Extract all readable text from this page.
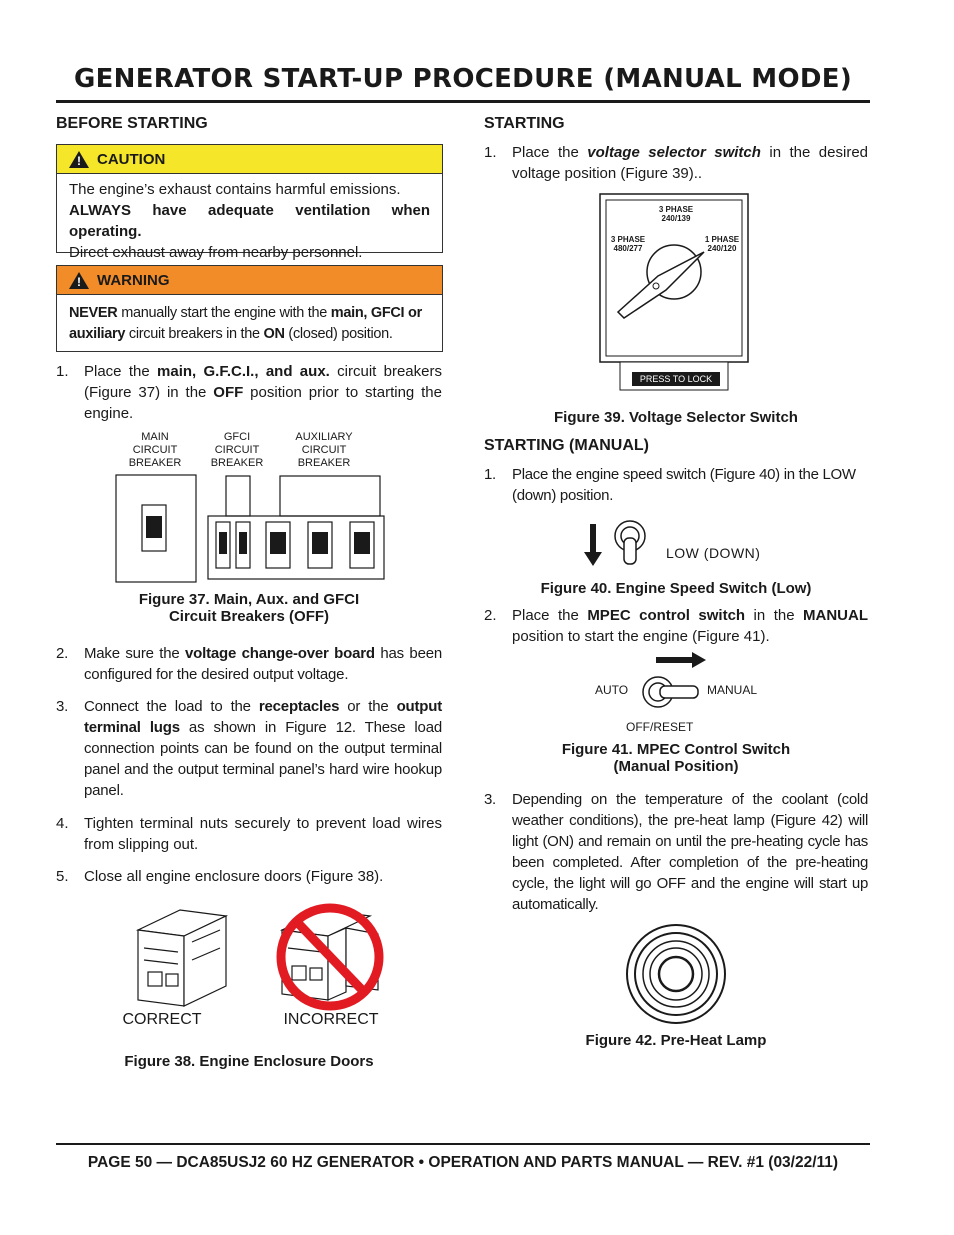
GENERATOR START-UP PROCEDURE (MANUAL MODE)
BEFORE STARTING
! CAUTION
The engine’s exhaust contains harmful emissions.
ALWAYS have adequate ventilation when operating.
Direct exhaust away from nearby personnel.
! WARNING
NEVER manually start the engine with the main, GFCI or auxiliary circuit breakers in the ON (closed) position.
1. Place the main, G.F.C.I., and aux. circuit breakers (Figure 37) in the OFF position prior to starting the engine.
MAIN
CIRCUIT
BREAKER
GFCI
CIRCUIT
BREAKER
AUXILIARY
CIRCUIT
BREAKER
Figure 37. Main, Aux. and GFCI
Circuit Breakers (OFF)
2. Make sure the voltage change-over board has been configured for the desired output voltage.
3. Connect the load to the receptacles or the output terminal lugs as shown in Figure 12. These load connection points can be found on the output terminal panel and the output terminal panel’s hard wire hookup panel.
4. Tighten terminal nuts securely to prevent load wires from slipping out.
5. Close all engine enclosure doors (Figure 38).
CORRECT	INCORRECT
Figure 38. Engine Enclosure Doors
STARTING
1. Place the voltage selector switch in the desired voltage position (Figure 39)..
3 PHASE
240/139
3 PHASE
480/277
1 PHASE
240/120
PRESS TO LOCK
Figure 39. Voltage Selector Switch
STARTING (MANUAL)
1. Place the engine speed switch (Figure 40) in the LOW (down) position.
LOW (DOWN)
Figure 40. Engine Speed Switch (Low)
2. Place the MPEC control switch in the MANUAL position to start the engine (Figure 41).
AUTO	MANUAL
OFF/RESET
Figure 41. MPEC Control Switch
(Manual Position)
3. Depending on the temperature of the coolant (cold weather conditions), the pre-heat lamp (Figure 42) will light (ON) and remain on until the pre-heating cycle has been completed. After completion of the pre-heating cycle, the light will go OFF and the engine will start up automatically.
Figure 42. Pre-Heat Lamp
PAGE 50 — DCA85USJ2 60 HZ GENERATOR • OPERATION AND PARTS MANUAL — REV. #1 (03/22/11)
